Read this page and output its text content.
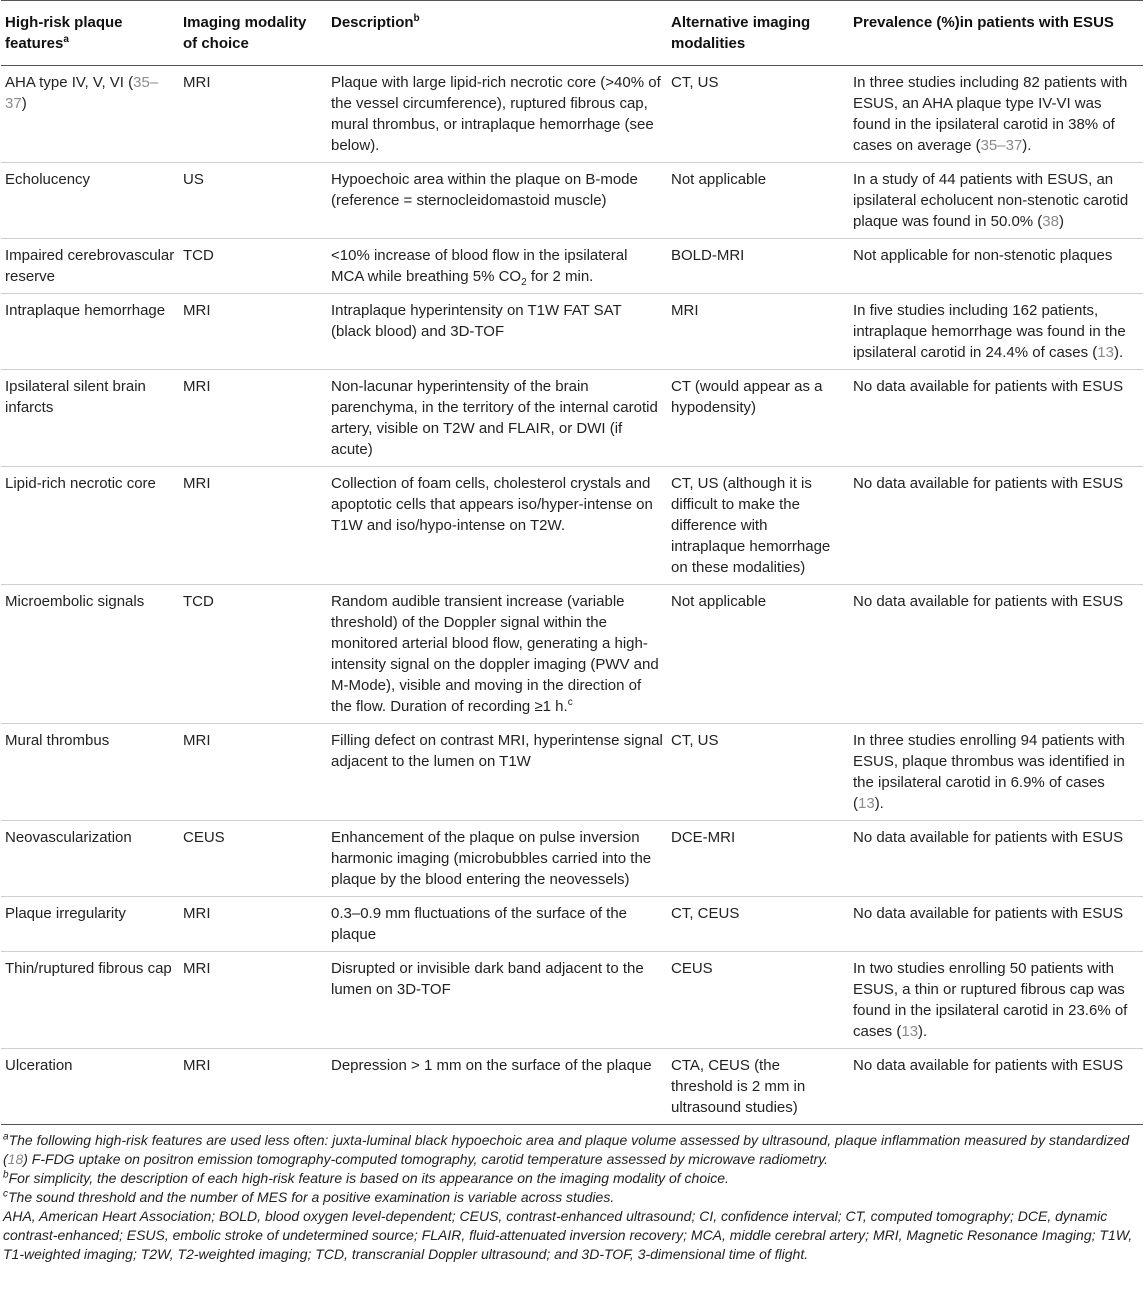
High-risk plaque features$^a$	Imaging modality of choice	Description$^b$	Alternative imaging modalities	Prevalence (%)in patients with ESUS
AHA type IV, V, VI (35–37)	MRI	Plaque with large lipid-rich necrotic core (>40% of the vessel circumference), ruptured fibrous cap, mural thrombus, or intraplaque hemorrhage (see below).	CT, US	In three studies including 82 patients with ESUS, an AHA plaque type IV-VI was found in the ipsilateral carotid in 38% of cases on average (35–37).
Echolucency	US	Hypoechoic area within the plaque on B-mode (reference = sternocleidomastoid muscle)	Not applicable	In a study of 44 patients with ESUS, an ipsilateral echolucent non-stenotic carotid plaque was found in 50.0% (38)
Impaired cerebrovascular reserve	TCD	<10% increase of blood flow in the ipsilateral MCA while breathing 5% $CO_2$ for 2 min.	BOLD-MRI	Not applicable for non-stenotic plaques
Intraplaque hemorrhage	MRI	Intraplaque hyperintensity on T1W FAT SAT (black blood) and 3D-TOF	MRI	In five studies including 162 patients, intraplaque hemorrhage was found in the ipsilateral carotid in 24.4% of cases (13).
Ipsilateral silent brain infarcts	MRI	Non-lacunar hyperintensity of the brain parenchyma, in the territory of the internal carotid artery, visible on T2W and FLAIR, or DWI (if acute)	CT (would appear as a hypodensity)	No data available for patients with ESUS
Lipid-rich necrotic core	MRI	Collection of foam cells, cholesterol crystals and apoptotic cells that appears iso/hyper-intense on T1W and iso/hypo-intense on T2W.	CT, US (although it is difficult to make the difference with intraplaque hemorrhage on these modalities)	No data available for patients with ESUS
Microembolic signals	TCD	Random audible transient increase (variable threshold) of the Doppler signal within the monitored arterial blood flow, generating a high-intensity signal on the doppler imaging (PWV and M-Mode), visible and moving in the direction of the flow. Duration of recording ≥1 h.$^c$	Not applicable	No data available for patients with ESUS
Mural thrombus	MRI	Filling defect on contrast MRI, hyperintense signal adjacent to the lumen on T1W	CT, US	In three studies enrolling 94 patients with ESUS, plaque thrombus was identified in the ipsilateral carotid in 6.9% of cases (13).
Neovascularization	CEUS	Enhancement of the plaque on pulse inversion harmonic imaging (microbubbles carried into the plaque by the blood entering the neovessels)	DCE-MRI	No data available for patients with ESUS
Plaque irregularity	MRI	0.3–0.9 mm fluctuations of the surface of the plaque	CT, CEUS	No data available for patients with ESUS
Thin/ruptured fibrous cap	MRI	Disrupted or invisible dark band adjacent to the lumen on 3D-TOF	CEUS	In two studies enrolling 50 patients with ESUS, a thin or ruptured fibrous cap was found in the ipsilateral carotid in 23.6% of cases (13).
Ulceration	MRI	Depression > 1 mm on the surface of the plaque	CTA, CEUS (the threshold is 2 mm in ultrasound studies)	No data available for patients with ESUS

$^a$The following high-risk features are used less often: juxta-luminal black hypoechoic area and plaque volume assessed by ultrasound, plaque inflammation measured by standardized (18) F-FDG uptake on positron emission tomography-computed tomography, carotid temperature assessed by microwave radiometry.

$^b$For simplicity, the description of each high-risk feature is based on its appearance on the imaging modality of choice.

$^c$The sound threshold and the number of MES for a positive examination is variable across studies.

AHA, American Heart Association; BOLD, blood oxygen level-dependent; CEUS, contrast-enhanced ultrasound; CI, confidence interval; CT, computed tomography; DCE, dynamic contrast-enhanced; ESUS, embolic stroke of undetermined source; FLAIR, fluid-attenuated inversion recovery; MCA, middle cerebral artery; MRI, Magnetic Resonance Imaging; T1W, T1-weighted imaging; T2W, T2-weighted imaging; TCD, transcranial Doppler ultrasound; and 3D-TOF, 3-dimensional time of flight.
